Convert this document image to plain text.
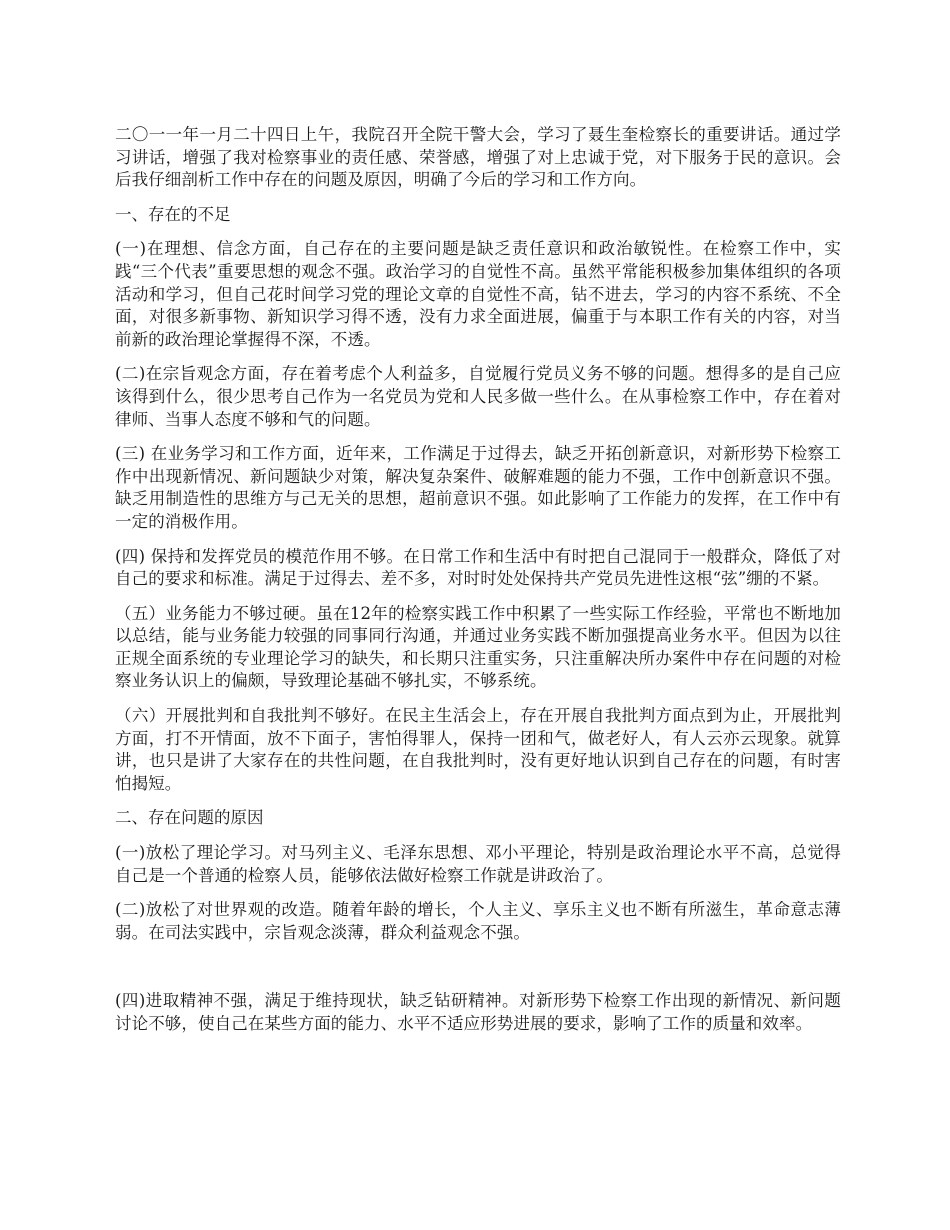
二〇一一年一月二十四日上午，我院召开全院干警大会，学习了聂生奎检察长的重要讲话。通过学习讲话，增强了我对检察事业的责任感、荣誉感，增强了对上忠诚于党，对下服务于民的意识。会后我仔细剖析工作中存在的问题及原因，明确了今后的学习和工作方向。

一、存在的不足

(一)在理想、信念方面，自己存在的主要问题是缺乏责任意识和政治敏锐性。在检察工作中，实践“三个代表”重要思想的观念不强。政治学习的自觉性不高。虽然平常能积极参加集体组织的各项活动和学习，但自己花时间学习党的理论文章的自觉性不高，钻不进去，学习的内容不系统、不全面，对很多新事物、新知识学习得不透，没有力求全面进展，偏重于与本职工作有关的内容，对当前新的政治理论掌握得不深，不透。

(二)在宗旨观念方面，存在着考虑个人利益多，自觉履行党员义务不够的问题。想得多的是自己应该得到什么，很少思考自己作为一名党员为党和人民多做一些什么。在从事检察工作中，存在着对律师、当事人态度不够和气的问题。

(三) 在业务学习和工作方面，近年来，工作满足于过得去，缺乏开拓创新意识，对新形势下检察工作中出现新情况、新问题缺少对策，解决复杂案件、破解难题的能力不强，工作中创新意识不强。缺乏用制造性的思维方与己无关的思想，超前意识不强。如此影响了工作能力的发挥，在工作中有一定的消极作用。

(四) 保持和发挥党员的模范作用不够。在日常工作和生活中有时把自己混同于一般群众，降低了对自己的要求和标准。满足于过得去、差不多，对时时处处保持共产党员先进性这根“弦”绷的不紧。

（五）业务能力不够过硬。虽在12年的检察实践工作中积累了一些实际工作经验，平常也不断地加以总结，能与业务能力较强的同事同行沟通，并通过业务实践不断加强提高业务水平。但因为以往正规全面系统的专业理论学习的缺失，和长期只注重实务，只注重解决所办案件中存在问题的对检察业务认识上的偏颇，导致理论基础不够扎实，不够系统。

（六）开展批判和自我批判不够好。在民主生活会上，存在开展自我批判方面点到为止，开展批判方面，打不开情面，放不下面子，害怕得罪人，保持一团和气，做老好人，有人云亦云现象。就算讲，也只是讲了大家存在的共性问题，在自我批判时，没有更好地认识到自己存在的问题，有时害怕揭短。

二、存在问题的原因

(一)放松了理论学习。对马列主义、毛泽东思想、邓小平理论，特别是政治理论水平不高，总觉得自己是一个普通的检察人员，能够依法做好检察工作就是讲政治了。

(二)放松了对世界观的改造。随着年龄的增长，个人主义、享乐主义也不断有所滋生，革命意志薄弱。在司法实践中，宗旨观念淡薄，群众利益观念不强。

(四)进取精神不强，满足于维持现状，缺乏钻研精神。对新形势下检察工作出现的新情况、新问题讨论不够，使自己在某些方面的能力、水平不适应形势进展的要求，影响了工作的质量和效率。
